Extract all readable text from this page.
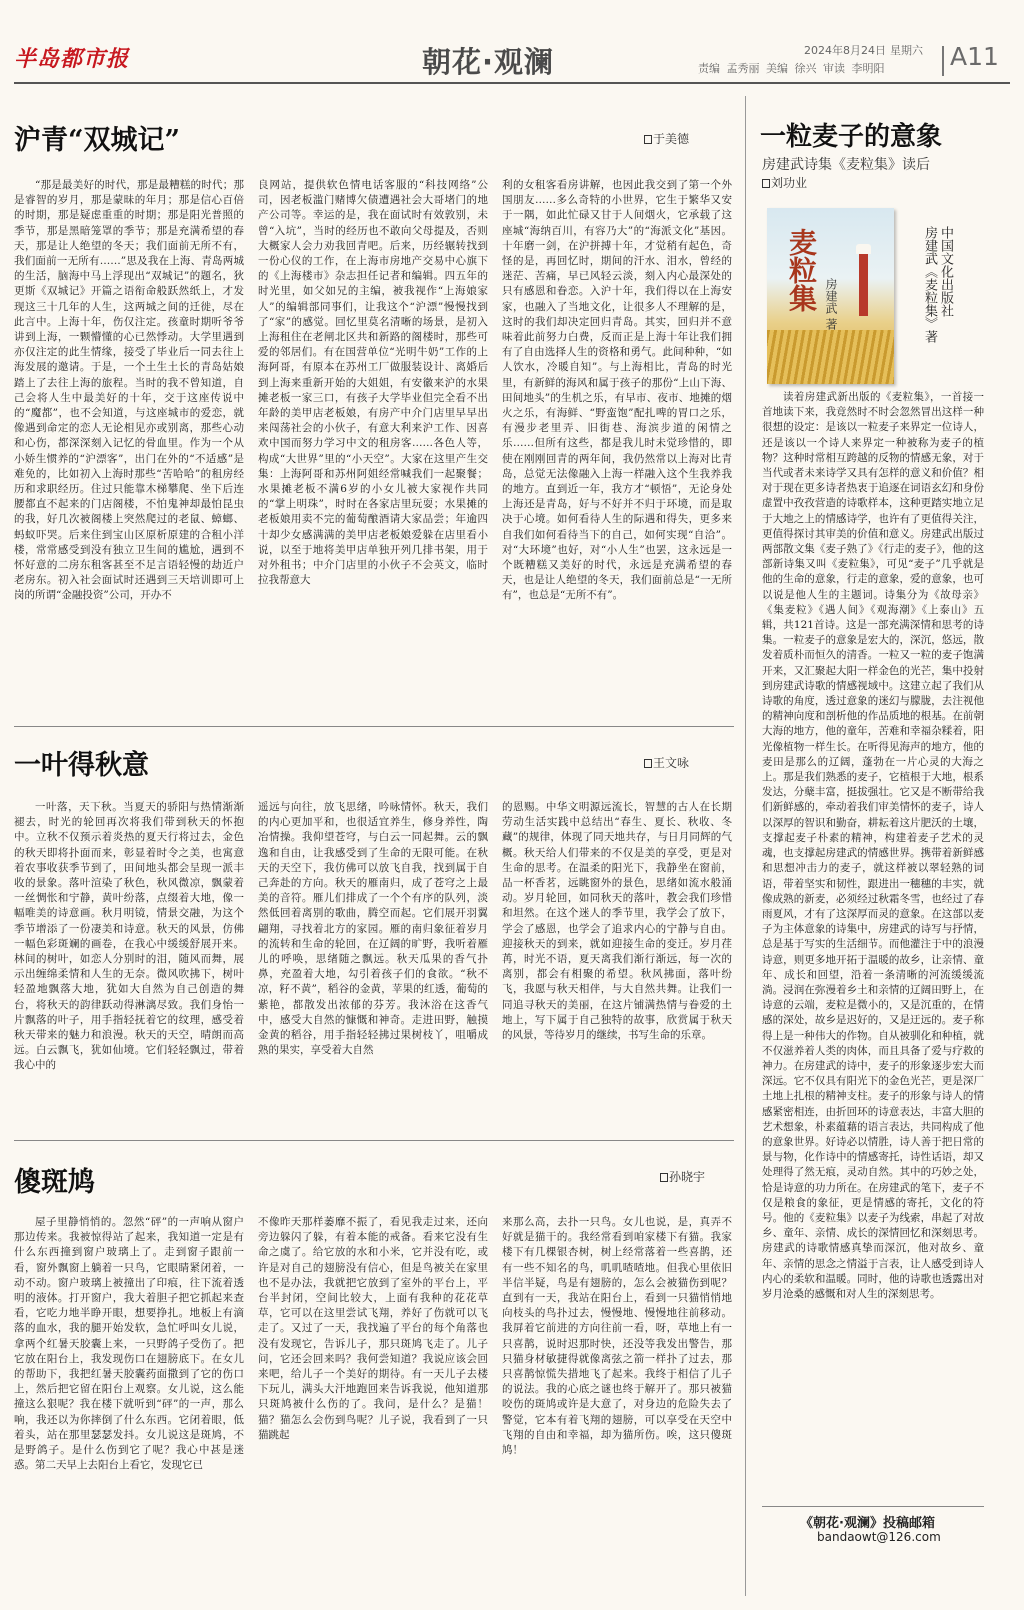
半岛都市报	朝花·观澜	2024年8月24日 星期六
责编 孟秀丽 美编 徐兴 审读 李明阳	A11
沪青“双城记”	于美德
“那是最美好的时代，那是最糟糕的时代；那是睿智的岁月，那是蒙昧的年月；那是信心百倍的时期，那是疑虑重重的时期；那是阳光普照的季节，那是黑暗笼罩的季节；那是充满希望的春天，那是让人绝望的冬天；我们面前无所不有，我们面前一无所有……”思及我在上海、青岛两城的生活，脑海中马上浮现出“双城记”的题名，狄更斯《双城记》开篇之语衔命般跃然纸上，才发现这三十几年的人生，这两城之间的迁徙，尽在此言中。上海十年，伤仅注定。孩童时期听爷爷讲到上海，一颗懵懂的心已然悸动。大学里遇到亦仅注定的此生情缘，接受了毕业后一同去往上海发展的邀请。于是，一个土生土长的青岛姑娘踏上了去往上海的旅程。当时的我不曾知道，自己会将人生中最美好的十年，交于这座传说中的“魔都”，也不会知道，与这座城市的爱恋，就像遇到命定的恋人无论相见亦或别离，那些心动和心伤，都深深刻入记忆的骨血里。作为一个从小娇生惯养的“沪漂客”，出门在外的“不适感”是难免的，比如初入上海时那些“苦哈哈”的租房经历和求职经历。住过只能靠木梯攀爬、坐下后连腰都直不起来的门店阁楼，不怕鬼神却最怕昆虫的我，好几次被阁楼上突然爬过的老鼠、蟑螂、蚂蚁吓哭。后来住到宝山区原析原建的合租小洋楼，常常感受到没有独立卫生间的尴尬，遇到不怀好意的二房东租客甚至不足言语轻慢的劫近户老房东。初入社会面试时还遇到三天培训即可上岗的所谓“金融投资”公司，开办不
良网站，提供软色情电话客服的“科技网络”公司，因老板滥门赌博欠债遭遇社会大哥堵门的地产公司等。幸运的是，我在面试时有效敦别，未曾“入坑”，当时的经历也不敢向父母提及，否则大概家人会力劝我回青吧。后来，历经辗转找到一份心仪的工作，在上海市房地产交易中心旗下的《上海楼市》杂志担任记者和编辑。四五年的时光里，如父如兄的主编，被我视作“上海娘家人”的编辑部同事们，让我这个“沪漂”慢慢找到了“家”的感觉。回忆里莫名清晰的场景，是初入上海租住在老闸北区共和新路的阁楼时，那些可爱的邻居们。有在国营单位“光明牛奶”工作的上海阿哥，有原本在苏州工厂做服装设计、离婚后到上海来重新开始的大姐姐，有安徽来沪的水果摊老板一家三口，有孩子大学毕业但完全看不出年龄的美甲店老板娘，有房产中介门店里早早出来闯荡社会的小伙子，有意大利来沪工作、因喜欢中国而努力学习中文的租房客……各色人等，构成“大世界”里的“小天空”。大家在这里产生交集：上海阿哥和苏州阿姐经常喊我们一起聚餐；水果摊老板不满6岁的小女儿被大家视作共同的“掌上明珠”，时时在各家店里玩耍；水果摊的老板娘用卖不完的葡萄酿酒请大家品尝；年逾四十却少女感满满的美甲店老板娘爱躲在店里看小说，以至于地将美甲店单独开列几排书架，用于对外租书；中介门店里的小伙子不会英文，临时拉我帮意大
利的女租客看房讲解，也因此我交到了第一个外国朋友……多么奇特的小世界，它生于繁华又安于一隅，如此忙碌又甘于人间烟火，它承载了这座城“海纳百川，有容乃大”的“海派文化”基因。十年磨一剑，在沪拼搏十年，才觉稍有起色，奇怪的是，再回忆时，期间的汗水、泪水，曾经的迷茫、苦痛，早已风轻云淡，刻入内心最深处的只有感恩和眷恋。入沪十年，我们得以在上海安家，也融入了当地文化，让很多人不理解的是，这时的我们却决定回归青岛。其实，回归并不意味着此前努力白费，反而正是上海十年让我们拥有了自由选择人生的资格和勇气。此间种种，“如人饮水，冷暖自知”。与上海相比，青岛的时光里，有新鲜的海风和属于孩子的那份“上山下海、田间地头”的生机之乐，有早市、夜市、地摊的烟火之乐，有海鲜、“野蛮饱”配扎啤的胃口之乐，有漫步老里弄、旧街巷、海滨步道的闲情之乐……但所有这些，都是我儿时未觉珍惜的，即使在刚刚回青的两年间，我仍然常以上海对比青岛，总觉无法像融入上海一样融入这个生我养我的地方。直到近一年，我方才“顿悟”，无论身处上海还是青岛，好与不好并不归于环境，而是取决于心境。如何看待人生的际遇和得失，更多来自我们如何看待当下的自己，如何实现“自洽”。对“大环境”也好，对“小人生”也罢，这永远是一个既糟糕又美好的时代，永远是充满希望的春天，也是让人绝望的冬天，我们面前总是“一无所有”，也总是“无所不有”。
一叶得秋意	王文咏
一叶落，天下秋。当夏天的骄阳与热情渐渐褪去，时光的轮回再次将我们带到秋天的怀抱中。立秋不仅预示着炎热的夏天行将过去，金色的秋天即将扑面而来，彰显着时令之美，也寓意着农事收获季节到了，田间地头都会呈现一派丰收的景象。落叶渲染了秋色，秋风微凉，飘蒙着一丝惆怅和宁静，黄叶纷落，点缀着大地，像一幅唯美的诗意画。秋月明镜，情景交融，为这个季节增添了一份凄美和诗意。秋天的风景，仿佛一幅色彩斑斓的画卷，在我心中缓缓舒展开来。林间的树叶，如恋人分别时的泪，随风而舞，展示出缠绵柔情和人生的无奈。微风吹拂下，树叶轻盈地飘落大地，犹如大自然为自己创造的舞台，将秋天的韵律跃动得淋漓尽致。我们身怡一片飘落的叶子，用手指轻抚着它的纹理，感受着秋天带来的魅力和浪漫。秋天的天空，晴朗而高远。白云飘飞，犹如仙境。它们轻轻飘过，带着我心中的
遥远与向往，放飞思绪，吟咏情怀。秋天，我们的内心更加平和，也很适宜养生，修身养性，陶冶情操。我仰望苍穹，与白云一同起舞。云的飘逸和自由，让我感受到了生命的无限可能。在秋天的天空下，我仿佛可以放飞自我，找到属于自己奔赴的方向。秋天的雁南归，成了苍穹之上最美的音符。雁儿们排成了一个个有序的队列，淡然低回着离别的歌曲，腾空而起。它们展开羽翼翩翔，寻找着北方的家园。雁的南归象征着岁月的流转和生命的轮回，在辽阔的旷野，我听着雁儿的呼唤，思绪随之飘远。秋天瓜果的香气扑鼻，充盈着大地，勾引着孩子们的食欲。“秋不凉，籽不黄”，稻谷的金黄，苹果的红透，葡萄的紫艳，都散发出浓郁的芬芳。我沐浴在这香气中，感受大自然的慷慨和神奇。走进田野，触摸金黄的稻谷，用手指轻轻拂过果树枝丫，咀嚼成熟的果实，享受着大自然
的恩赐。中华文明源远流长，智慧的古人在长期劳动生活实践中总结出“春生、夏长、秋收、冬藏”的规律，体现了同天地共存，与日月同辉的气概。秋天给人们带来的不仅是美的享受，更是对生命的思考。在温柔的阳光下，我静坐在窗前，品一杯香茗，远眺窗外的景色，思绪如流水般涌动。岁月轮回，如同秋天的落叶，教会我们珍惜和坦然。在这个迷人的季节里，我学会了放下，学会了感恩，也学会了追求内心的宁静与自由。迎接秋天的到来，就如迎接生命的变迁。岁月荏苒，时光不语，夏天离我们渐行渐远，每一次的离别，都会有相聚的希望。秋风拂面，落叶纷飞，我愿与秋天相伴，与大自然共舞。让我们一同追寻秋天的美丽，在这片铺满热情与眷爱的土地上，写下属于自己独特的故事，欣赏属于秋天的风景，等待岁月的继续，书写生命的乐章。
傻斑鸠	孙晓宇
屋子里静悄悄的。忽然“砰”的一声响从窗户那边传来。我被惊得站了起来，我知道一定是有什么东西撞到窗户玻璃上了。走到窗子跟前一看，窗外飘窗上躺着一只鸟，它眼睛紧闭着，一动不动。窗户玻璃上被撞出了印痕，往下流着透明的液体。打开窗户，我大着胆子把它抓起来查看，它吃力地半睁开眼，想要挣扎。地板上有滴落的血水，我的腿开始发软，急忙呼叫女儿说，拿两个红暑天胶囊上来，一只野鸽子受伤了。把它放在阳台上，我发现伤口在翅膀底下。在女儿的帮助下，我把红暑天胶囊药面撒到了它的伤口上，然后把它留在阳台上观察。女儿说，这么能撞这么狠呢？我在楼下就听到“砰”的一声，那么响，我还以为你摔倒了什么东西。它闭着眼，低着头，站在那里瑟瑟发抖。女儿说这是斑鸠，不是野鸽子。是什么伤到它了呢？我心中甚是迷惑。第二天早上去阳台上看它，发现它已
不像昨天那样萎靡不振了，看见我走过来，还向旁边躲闪了躲，有着本能的戒备。看来它没有生命之虞了。给它放的水和小米，它并没有吃，或许是对自己的翅膀没有信心，但是鸟被关在家里也不是办法，我就把它放到了室外的平台上，平台半封闭，空间比较大，上面有我种的花花草草，它可以在这里尝试飞翔，养好了伤就可以飞走了。又过了一天，我找遍了平台的每个角落也没有发现它，告诉儿子，那只斑鸠飞走了。儿子问，它还会回来吗？我何尝知道？我说应该会回来吧，给儿子一个美好的期待。有一天儿子去楼下玩儿，满头大汗地跑回来告诉我说，他知道那只斑鸠被什么伤的了。我问，是什么？是猫！猫？猫怎么会伤到鸟呢？儿子说，我看到了一只猫跳起
来那么高，去扑一只鸟。女儿也说，是，真弄不好就是猫干的。我经常看到咱家楼下有猫。我家楼下有几棵银杏树，树上经常落着一些喜鹊，还有一些不知名的鸟，叽叽喳喳地。但我心里依旧半信半疑，鸟是有翅膀的，怎么会被猫伤到呢？直到有一天，我站在阳台上，看到一只猫悄悄地向枝头的鸟扑过去，慢慢地、慢慢地往前移动。我屏着它前进的方向往前一看，呀，草地上有一只喜鹊，说时迟那时快，还没等我发出警告，那只猫身材敏捷得就像离弦之箭一样扑了过去，那只喜鹊惊慌失措地飞了起来。我终于相信了儿子的说法。我的心底之谜也终于解开了。那只被猫咬伤的斑鸠或许是大意了，对身边的危险失去了警觉，它本有着飞翔的翅膀，可以享受在天空中飞翔的自由和幸福，却为猫所伤。唉，这只傻斑鸠！
一粒麦子的意象
房建武诗集《麦粒集》读后
刘功业
麦粒集 房建武 著	中国文化出版社
房建武《麦粒集》著
读着房建武新出版的《麦粒集》，一首接一首地读下来，我竟然时不时会忽然冒出这样一种很想的设定：是该以一粒麦子来界定一位诗人，还是该以一个诗人来界定一种被称为麦子的植物？这种时常相互跨越的反物的情感无象，对于当代或者未来诗学又具有怎样的意义和价值？相对于现在更多诗者热衷于追逐在词语玄幻和身份虚置中孜孜营造的诗歌样本，这种更踏实地立足于大地之上的情感诗学，也许有了更值得关注，更值得探讨其审美的价值和意义。房建武出版过两部散文集《麦子熟了》《行走的麦子》，他的这部新诗集又叫《麦粒集》，可见“麦子”几乎就是他的生命的意象，行走的意象，爱的意象，也可以说是他人生的主题词。诗集分为《故母亲》《集麦粒》《遇人间》《观海潮》《上泰山》五辑，共121首诗。这是一部充满深情和思考的诗集。一粒麦子的意象是宏大的，深沉，悠远，散发着质朴而恒久的清香。一粒又一粒的麦子饱满开来，又汇聚起大阳一样金色的光芒，集中投射到房建武诗歌的情感视域中。这建立起了我们从诗歌的角度，透过意象的迷幻与朦胧，去注视他的精神向度和剖析他的作品质地的根基。在前朝大海的地方，他的童年，苦难和幸福杂糅着，阳光像植物一样生长。在听得见海声的地方，他的麦田是那么的辽阔，蓬勃在一片心灵的大海之上。那是我们熟悉的麦子，它植根于大地，根系发达，分蘖丰富，挺拔强壮。它又是不断带给我们新鲜感的，牵动着我们审美情怀的麦子，诗人以深厚的智识和勤奋，耕耘着这片肥沃的土壤，支撑起麦子朴素的精神，构建着麦子艺术的灵魂，也支撑起房建武的情感世界。携带着新鲜感和思想冲击力的麦子，就这样被以翠轻熟的词语，带着坚实和韧性，跟进出一穗穗的丰实，就像成熟的新麦，必须经过秋霜冬雪，也经过了春雨夏风，才有了这深厚而灵的意象。在这部以麦子为主体意象的诗集中，房建武的诗写与抒情，总是基于写实的生活细节。而他灌注于中的浪漫诗意，则更多地开拓于温暖的故乡，让亲情、童年、成长和回望，沿着一条清晰的河流缓缓流淌。浸润在弥漫着乡土和亲情的辽阔田野上，在诗意的云端，麦粒是微小的，又是沉重的，在情感的深处，故乡是迟好的，又是迂远的。麦子称得上是一种伟大的作物。自从被驯化和种植，就不仅滋养着人类的肉体，而且具备了爱与疗救的神力。在房建武的诗中，麦子的形象逐步宏大而深远。它不仅具有阳光下的金色光芒，更是深厂土地上扎根的精神支柱。麦子的形象与诗人的情感紧密相连，由折回环的诗意表达，丰富大胆的艺术想象，朴素蕴藉的语言表达，共同构成了他的意象世界。好诗必以情胜，诗人善于把日常的景与物，化作诗中的情感寄托，诗性话语，却又处理得了然无痕，灵动自然。其中的巧妙之处，恰是诗意的功力所在。在房建武的笔下，麦子不仅是粮食的象征，更是情感的寄托，文化的符号。他的《麦粒集》以麦子为线索，串起了对故乡、童年、亲情、成长的深情回忆和深刻思考。房建武的诗歌情感真挚而深沉，他对故乡、童年、亲情的思念之情溢于言表，让人感受到诗人内心的柔软和温暖。同时，他的诗歌也透露出对岁月沧桑的感慨和对人生的深刻思考。
《朝花·观澜》投稿邮箱
bandaowt@126.com
